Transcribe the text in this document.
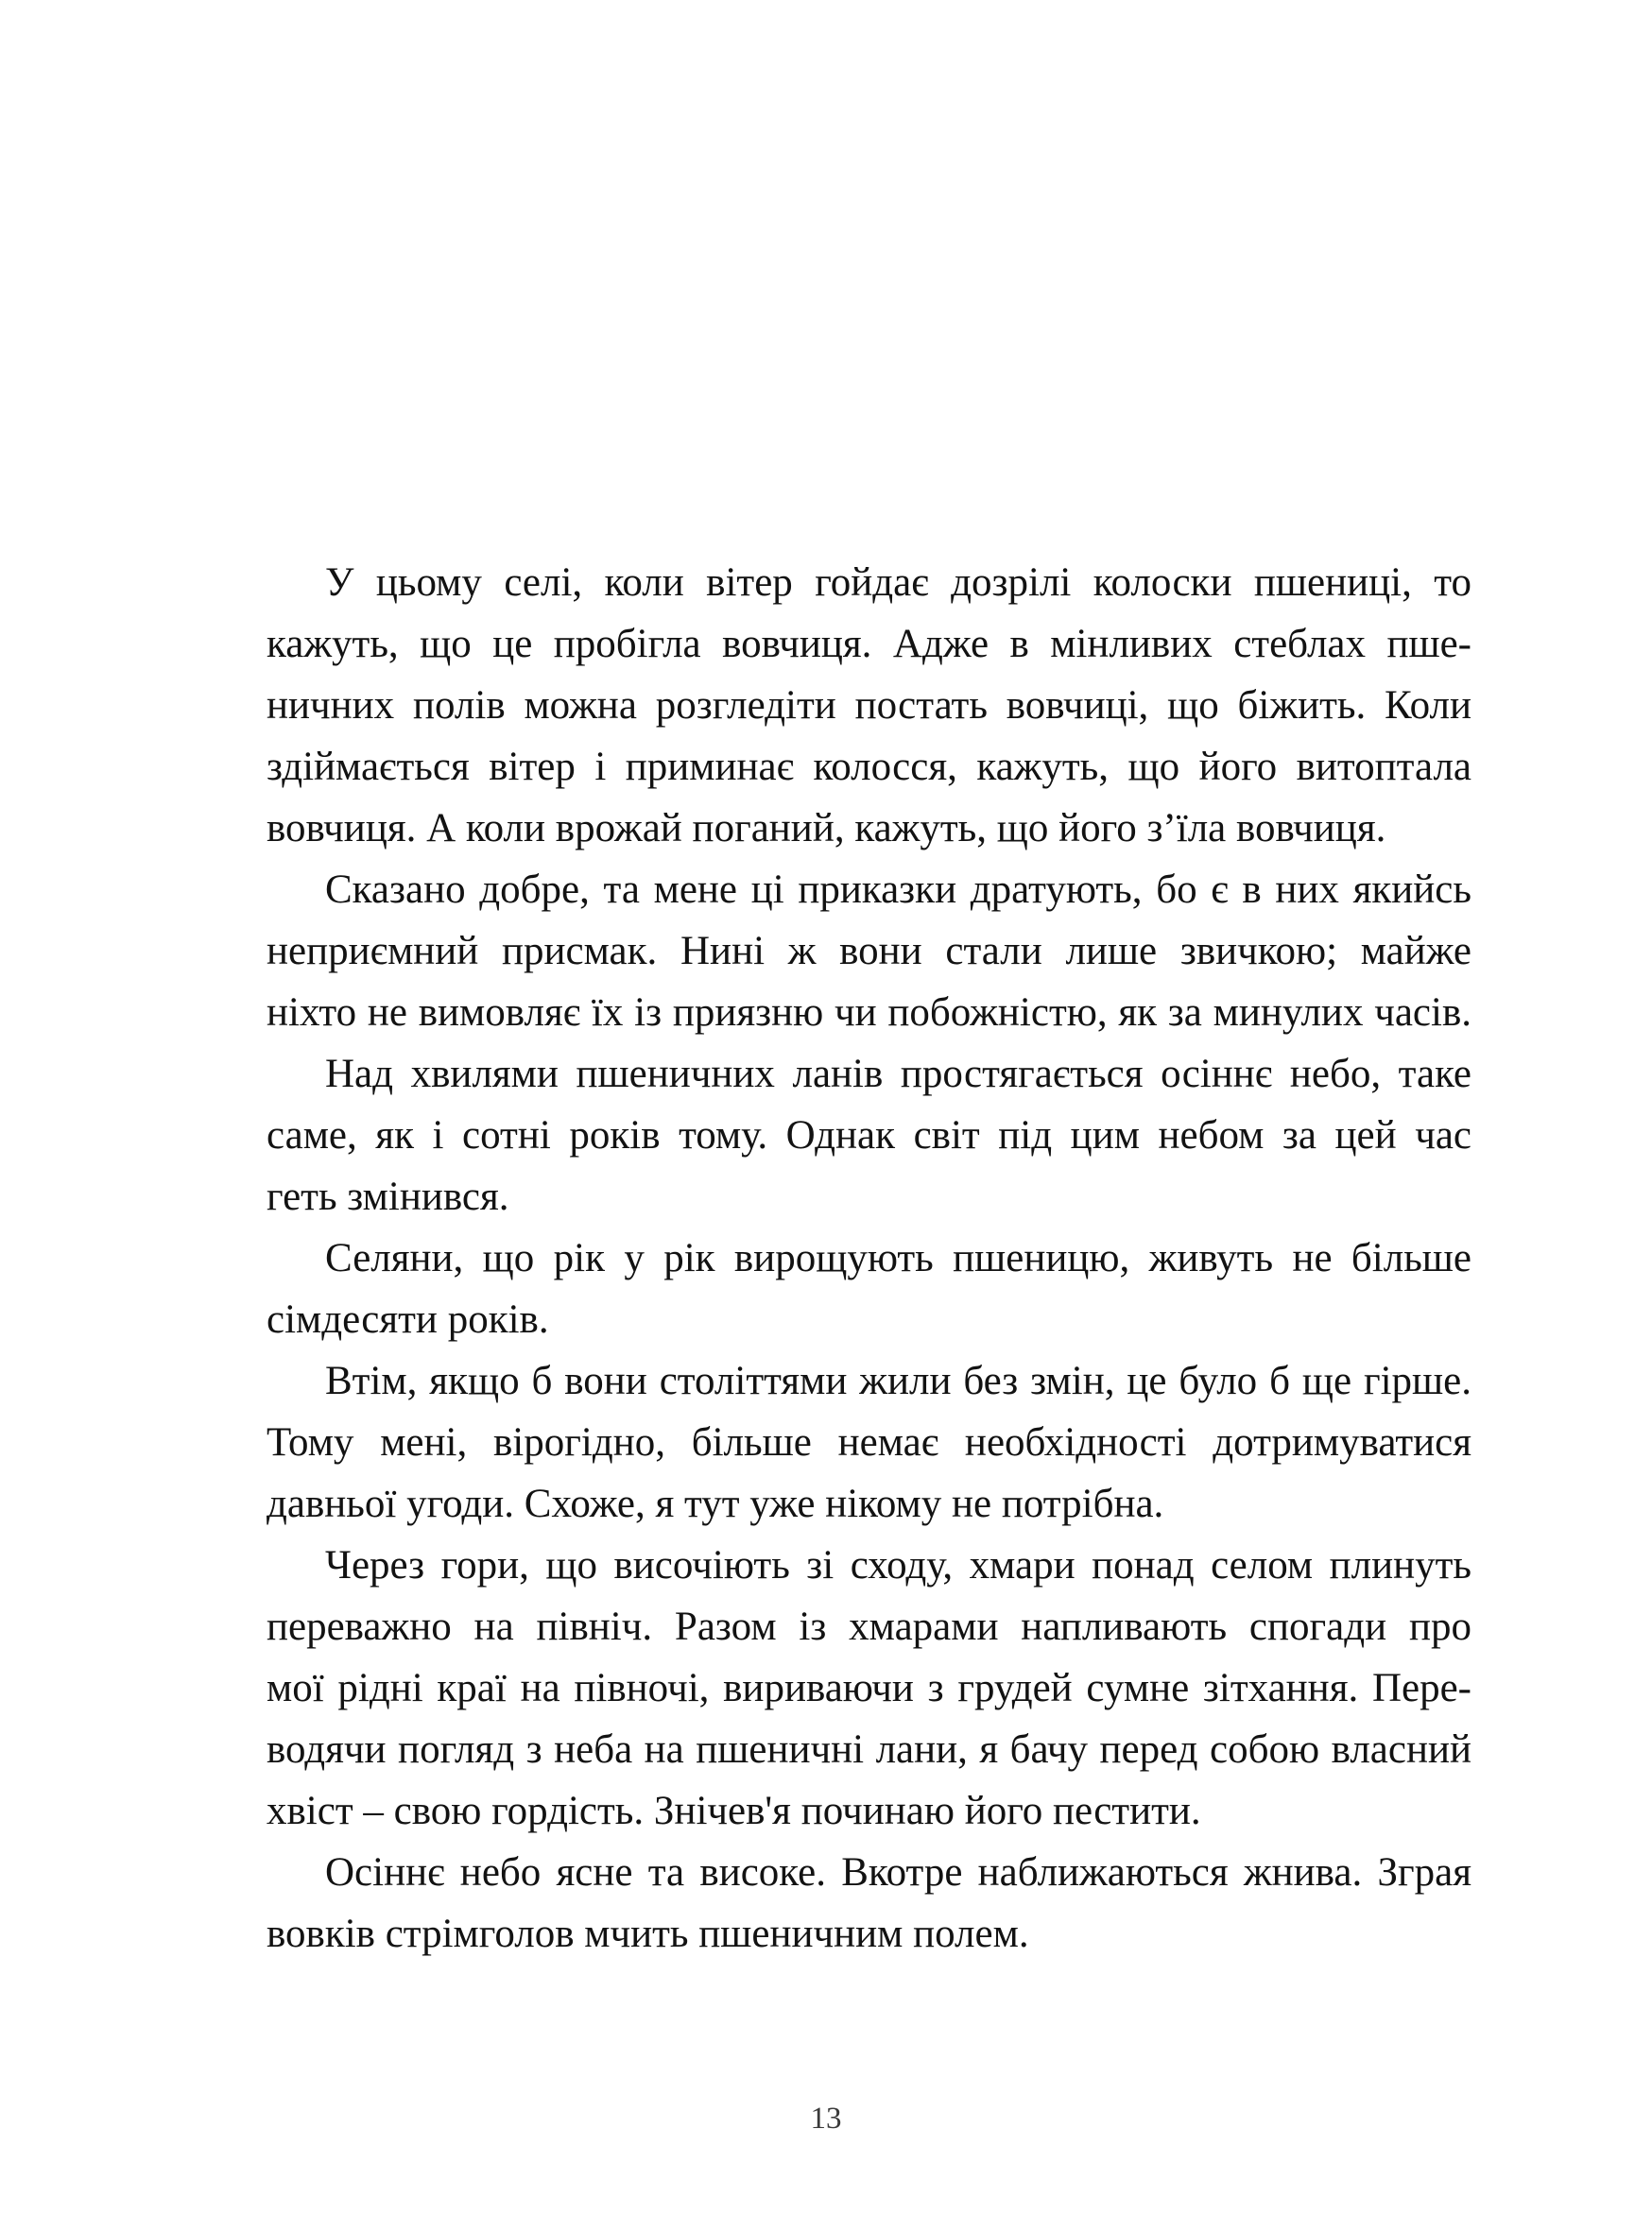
У цьому селі, коли вітер гойдає дозрілі колоски пшениці, то
кажуть, що це пробігла вовчиця. Адже в мінливих стеблах пше-
ничних полів можна розгледіти постать вовчиці, що біжить. Коли
здіймається вітер і приминає колосся, кажуть, що його витоптала
вовчиця. А коли врожай поганий, кажуть, що його з’їла вовчиця.
Сказано добре, та мене ці приказки дратують, бо є в них якийсь
неприємний присмак. Нині ж вони стали лише звичкою; майже
ніхто не вимовляє їх із приязню чи побожністю, як за минулих часів.
Над хвилями пшеничних ланів простягається осіннє небо, таке
саме, як і сотні років тому. Однак світ під цим небом за цей час
геть змінився.
Селяни, що рік у рік вирощують пшеницю, живуть не більше
сімдесяти років.
Втім, якщо б вони століттями жили без змін, це було б ще гірше.
Тому мені, вірогідно, більше немає необхідності дотримуватися
давньої угоди. Схоже, я тут уже нікому не потрібна.
Через гори, що височіють зі сходу, хмари понад селом плинуть
переважно на північ. Разом із хмарами напливають спогади про
мої рідні краї на півночі, вириваючи з грудей сумне зітхання. Пере-
водячи погляд з неба на пшеничні лани, я бачу перед собою власний
хвіст – свою гордість. Знічев'я починаю його пестити.
Осіннє небо ясне та високе. Вкотре наближаються жнива. Зграя
вовків стрімголов мчить пшеничним полем.
13
